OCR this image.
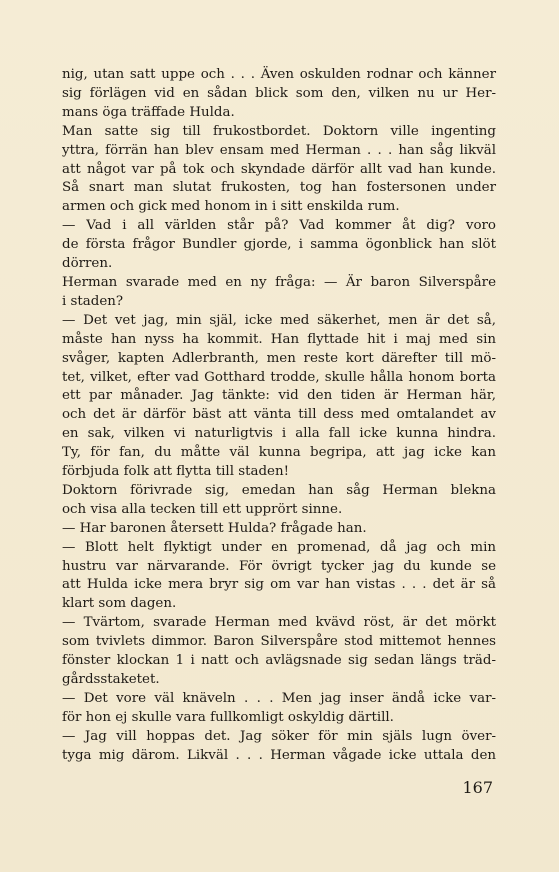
nig, utan satt uppe och . . . Även oskulden rodnar och känner
sig förlägen vid en sådan blick som den, vilken nu ur Her-
mans öga träffade Hulda.
Man satte sig till frukostbordet. Doktorn ville ingenting
yttra, förrän han blev ensam med Herman . . . han såg likväl
att något var på tok och skyndade därför allt vad han kunde.
Så snart man slutat frukosten, tog han fostersonen under
armen och gick med honom in i sitt enskilda rum.
— Vad i all världen står på? Vad kommer åt dig? voro
de första frågor Bundler gjorde, i samma ögonblick han slöt
dörren.
Herman svarade med en ny fråga: — Är baron Silverspåre
i staden?
— Det vet jag, min själ, icke med säkerhet, men är det så,
måste han nyss ha kommit. Han flyttade hit i maj med sin
svåger, kapten Adlerbranth, men reste kort därefter till mö-
tet, vilket, efter vad Gotthard trodde, skulle hålla honom borta
ett par månader. Jag tänkte: vid den tiden är Herman här,
och det är därför bäst att vänta till dess med omtalandet av
en sak, vilken vi naturligtvis i alla fall icke kunna hindra.
Ty, för fan, du måtte väl kunna begripa, att jag icke kan
förbjuda folk att flytta till staden!
Doktorn förivrade sig, emedan han såg Herman blekna
och visa alla tecken till ett upprört sinne.
— Har baronen återsett Hulda? frågade han.
— Blott helt flyktigt under en promenad, då jag och min
hustru var närvarande. För övrigt tycker jag du kunde se
att Hulda icke mera bryr sig om var han vistas . . . det är så
klart som dagen.
— Tvärtom, svarade Herman med kvävd röst, är det mörkt
som tvivlets dimmor. Baron Silverspåre stod mittemot hennes
fönster klockan 1 i natt och avlägsnade sig sedan längs träd-
gårdsstaketet.
— Det vore väl knäveln . . . Men jag inser ändå icke var-
för hon ej skulle vara fullkomligt oskyldig därtill.
— Jag vill hoppas det. Jag söker för min själs lugn över-
tyga mig därom. Likväl . . . Herman vågade icke uttala den
167
